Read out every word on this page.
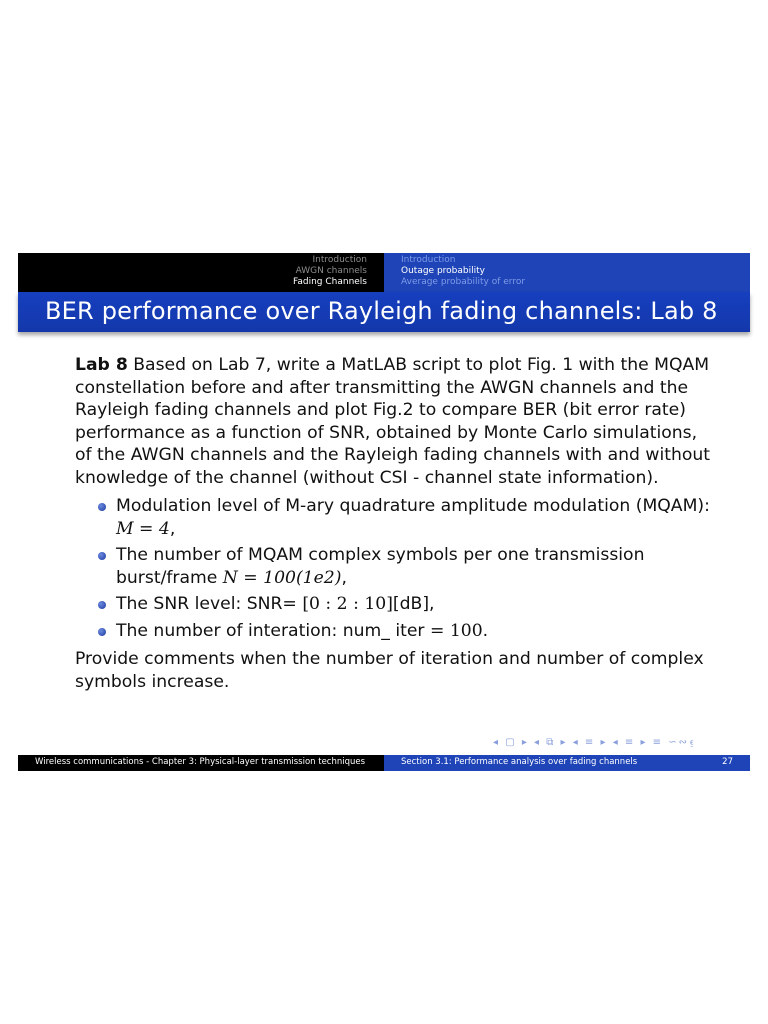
Introduction
AWGN channels
Fading Channels
Introduction
Outage probability
Average probability of error
BER performance over Rayleigh fading channels: Lab 8

Lab 8 Based on Lab 7, write a MatLAB script to plot Fig. 1 with the MQAM constellation before and after transmitting the AWGN channels and the Rayleigh fading channels and plot Fig.2 to compare BER (bit error rate) performance as a function of SNR, obtained by Monte Carlo simulations, of the AWGN channels and the Rayleigh fading channels with and without knowledge of the channel (without CSI - channel state information).

Modulation level of M-ary quadrature amplitude modulation (MQAM): M = 4,
The number of MQAM complex symbols per one transmission burst/frame N = 100(1e2),
The SNR level: SNR= [0 : 2 : 10][dB],
The number of interation: num_ iter = 100.

Provide comments when the number of iteration and number of complex symbols increase.

◂ ▢ ▸ ◂ ⧉ ▸ ◂ ≡ ▸ ◂ ≡ ▸ ≡ ∽∾⍷
Wireless communications - Chapter 3: Physical-layer transmission techniques	Section 3.1: Performance analysis over fading channels	27
